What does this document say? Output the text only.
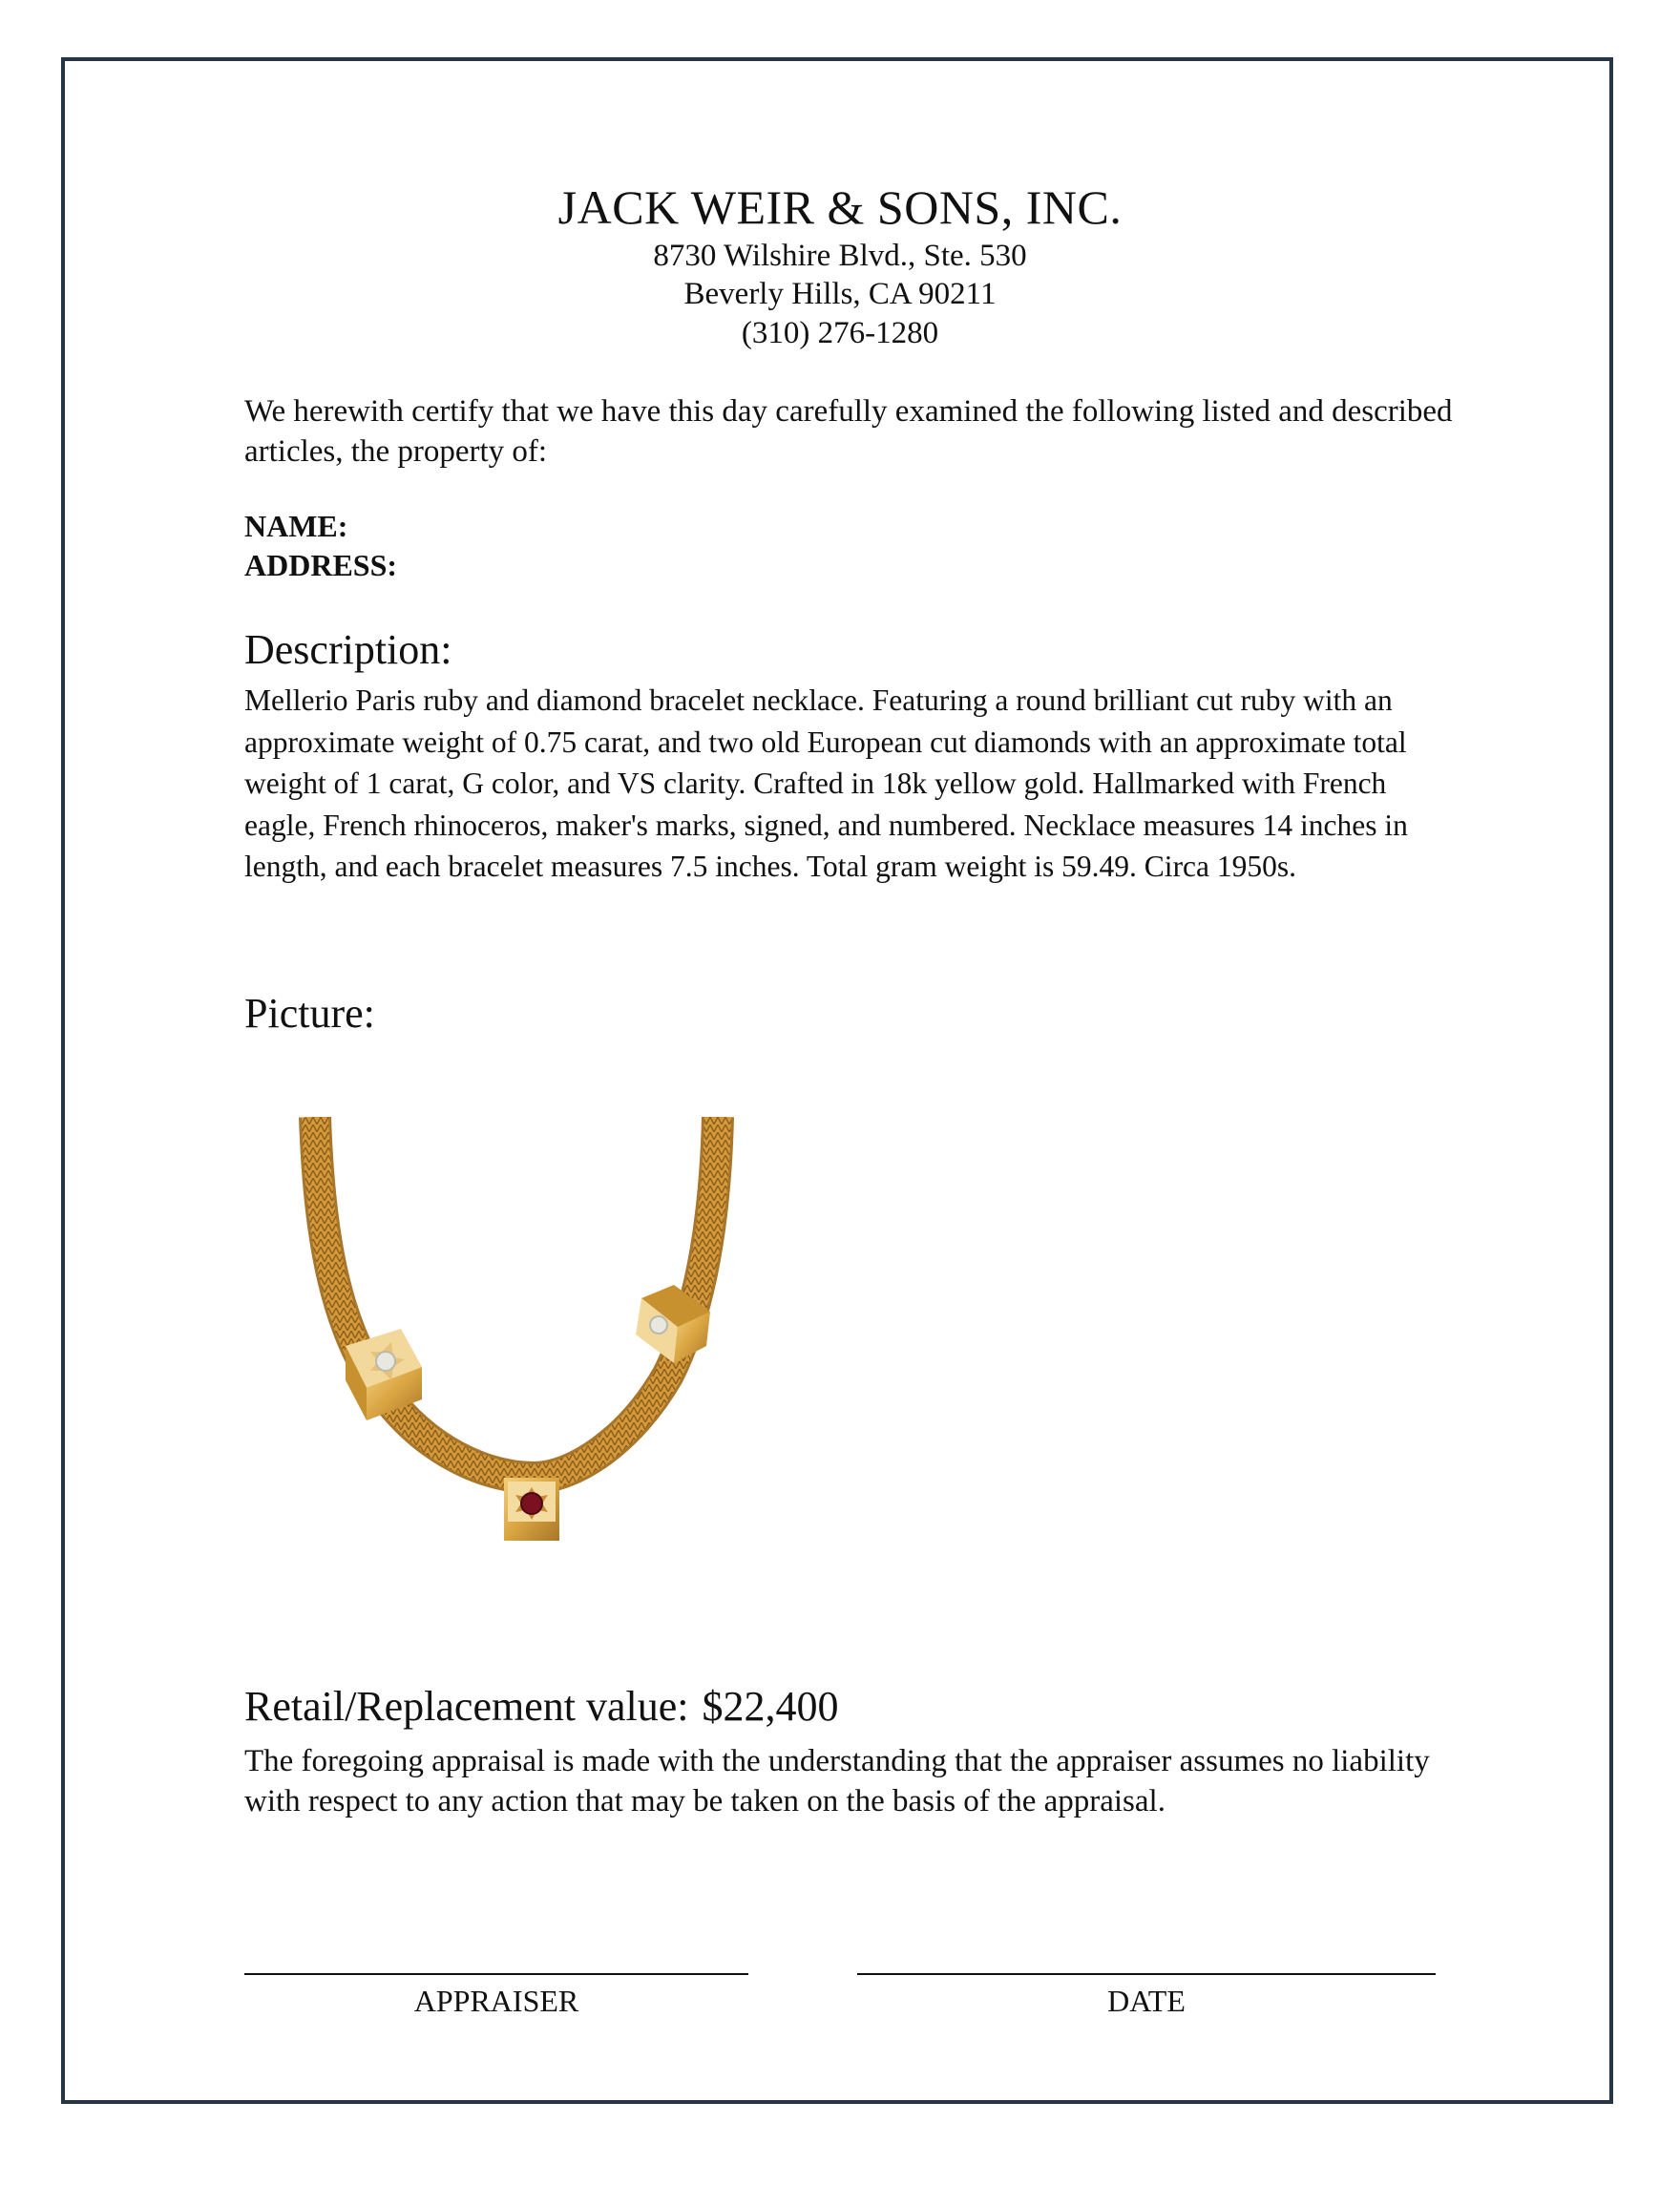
JACK WEIR & SONS, INC.
8730 Wilshire Blvd., Ste. 530
Beverly Hills, CA 90211
(310) 276-1280
We herewith certify that we have this day carefully examined the following listed and described articles, the property of:
NAME:
ADDRESS:
Description:
Mellerio Paris ruby and diamond bracelet necklace. Featuring a round brilliant cut ruby with an approximate weight of 0.75 carat, and two old European cut diamonds with an approximate total weight of 1 carat, G color, and VS clarity. Crafted in 18k yellow gold. Hallmarked with French eagle, French rhinoceros, maker's marks, signed, and numbered. Necklace measures 14 inches in length, and each bracelet measures 7.5 inches. Total gram weight is 59.49. Circa 1950s.
Picture:
Retail/Replacement value: $22,400
The foregoing appraisal is made with the understanding that the appraiser assumes no liability with respect to any action that may be taken on the basis of the appraisal.
APPRAISER	DATE
